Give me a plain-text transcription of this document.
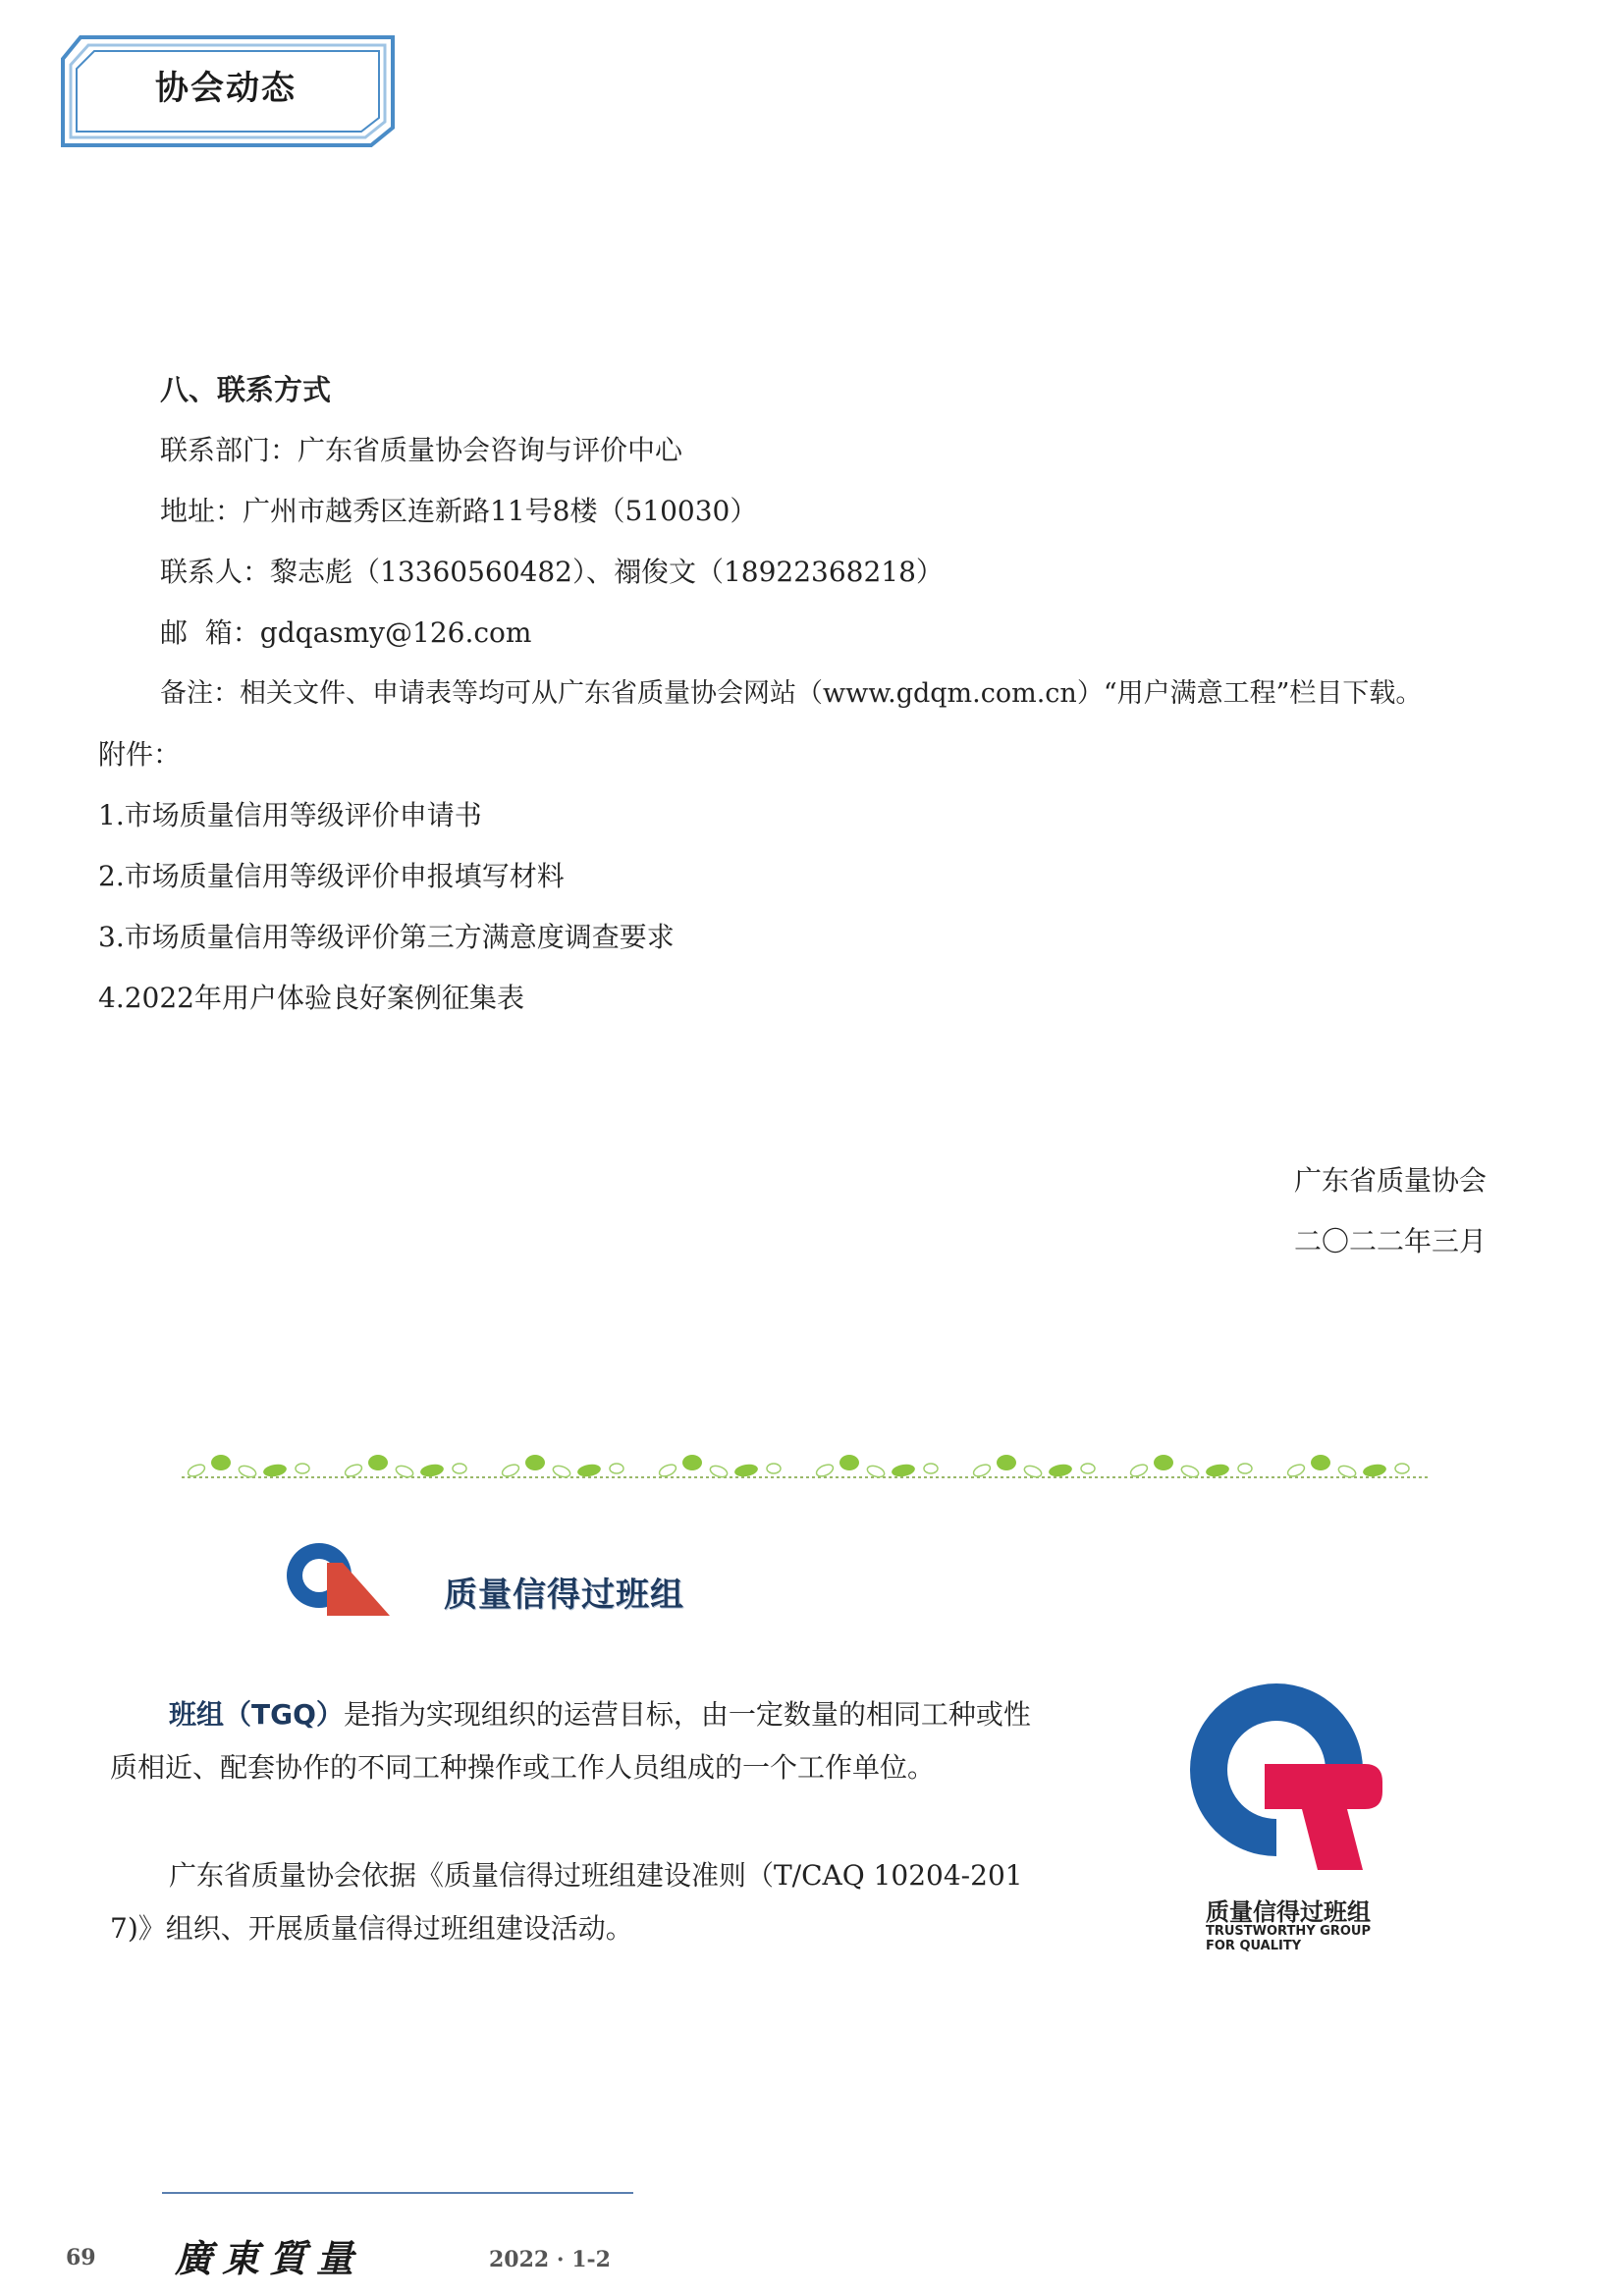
协会动态
八、联系方式
联系部门：广东省质量协会咨询与评价中心
地址：广州市越秀区连新路11号8楼（510030）
联系人：黎志彪（13360560482）、禤俊文（18922368218）
邮  箱：gdqasmy@126.com
备注：相关文件、申请表等均可从广东省质量协会网站（www.gdqm.com.cn）“用户满意工程”栏目下载。
附件：
1.市场质量信用等级评价申请书
2.市场质量信用等级评价申报填写材料
3.市场质量信用等级评价第三方满意度调查要求
4.2022年用户体验良好案例征集表
广东省质量协会
二〇二二年三月
质量信得过班组
班组（TGQ）是指为实现组织的运营目标，由一定数量的相同工种或性质相近、配套协作的不同工种操作或工作人员组成的一个工作单位。
广东省质量协会依据《质量信得过班组建设准则（T/CAQ 10204-2017)》组织、开展质量信得过班组建设活动。	质量信得过班组
TRUSTWORTHY GROUP
FOR QUALITY
69 廣東質量	2022 · 1-2
